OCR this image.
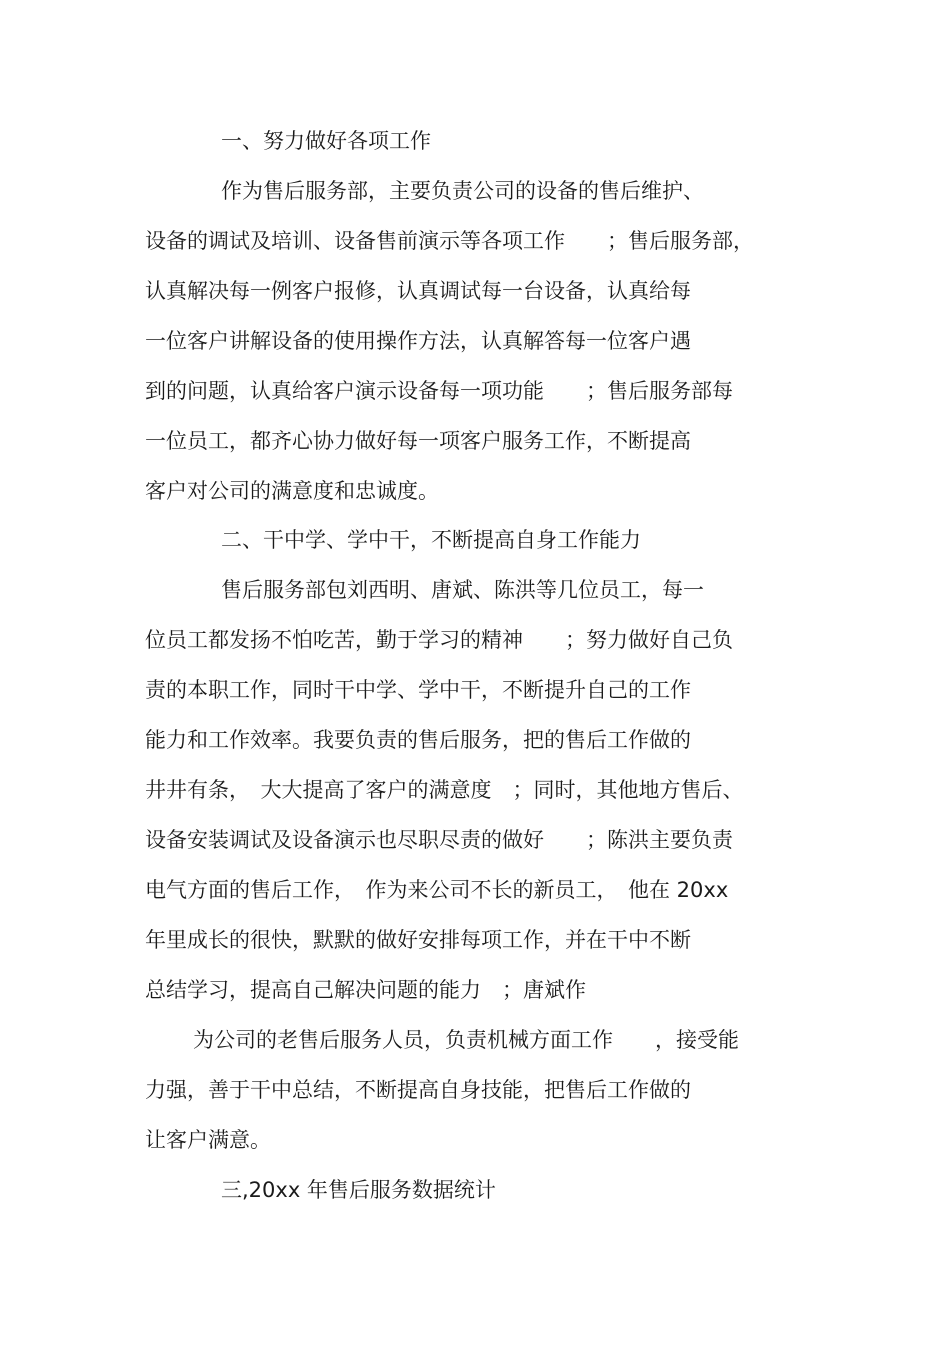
一、努力做好各项工作
作为售后服务部，主要负责公司的设备的售后维护、
设备的调试及培训、设备售前演示等各项工作　　；售后服务部，
认真解决每一例客户报修，认真调试每一台设备，认真给每
一位客户讲解设备的使用操作方法，认真解答每一位客户遇
到的问题，认真给客户演示设备每一项功能　　；售后服务部每
一位员工，都齐心协力做好每一项客户服务工作，不断提高
客户对公司的满意度和忠诚度。
二、干中学、学中干，不断提高自身工作能力
售后服务部包刘西明、唐斌、陈洪等几位员工，每一
位员工都发扬不怕吃苦，勤于学习的精神　　；努力做好自己负
责的本职工作，同时干中学、学中干，不断提升自己的工作
能力和工作效率。我要负责的售后服务，把的售后工作做的
井井有条，　大大提高了客户的满意度　；同时，其他地方售后、
设备安装调试及设备演示也尽职尽责的做好　　；陈洪主要负责
电气方面的售后工作，　作为来公司不长的新员工，　他在 20xx
年里成长的很快，默默的做好安排每项工作，并在干中不断
总结学习，提高自己解决问题的能力　；唐斌作
为公司的老售后服务人员，负责机械方面工作　　，接受能
力强，善于干中总结，不断提高自身技能，把售后工作做的
让客户满意。
三,20xx 年售后服务数据统计
